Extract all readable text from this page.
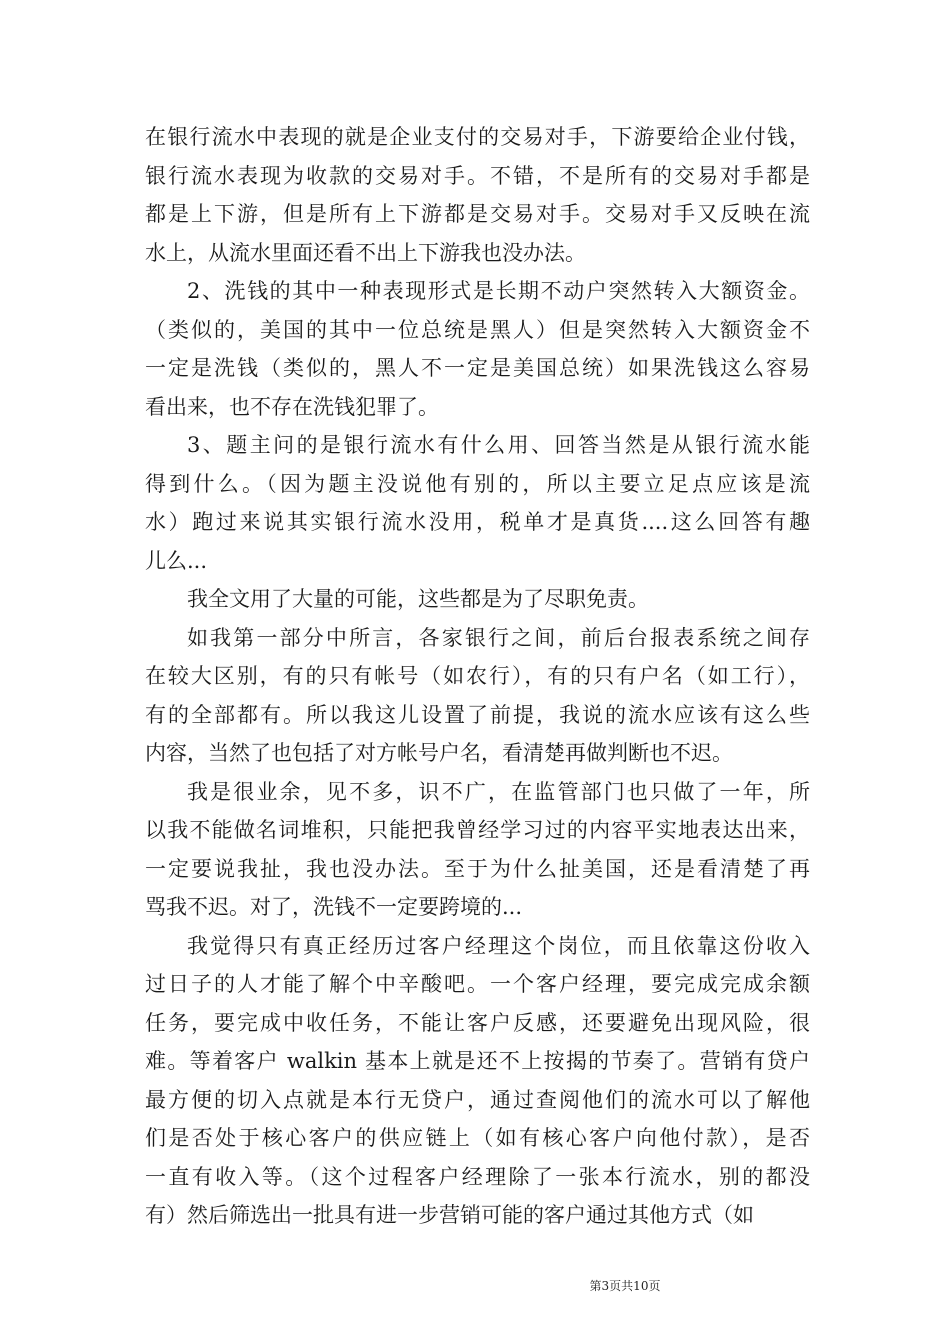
在银行流水中表现的就是企业支付的交易对手，下游要给企业付钱，
银行流水表现为收款的交易对手。不错，不是所有的交易对手都是
都是上下游，但是所有上下游都是交易对手。交易对手又反映在流
水上，从流水里面还看不出上下游我也没办法。
2、洗钱的其中一种表现形式是长期不动户突然转入大额资金。
（类似的，美国的其中一位总统是黑人）但是突然转入大额资金不
一定是洗钱（类似的，黑人不一定是美国总统）如果洗钱这么容易
看出来，也不存在洗钱犯罪了。
3、题主问的是银行流水有什么用、回答当然是从银行流水能
得到什么。（因为题主没说他有别的，所以主要立足点应该是流
水）跑过来说其实银行流水没用，税单才是真货....这么回答有趣
儿么...
我全文用了大量的可能，这些都是为了尽职免责。
如我第一部分中所言，各家银行之间，前后台报表系统之间存
在较大区别，有的只有帐号（如农行），有的只有户名（如工行），
有的全部都有。所以我这儿设置了前提，我说的流水应该有这么些
内容，当然了也包括了对方帐号户名，看清楚再做判断也不迟。
我是很业余，见不多，识不广，在监管部门也只做了一年，所
以我不能做名词堆积，只能把我曾经学习过的内容平实地表达出来，
一定要说我扯，我也没办法。至于为什么扯美国，还是看清楚了再
骂我不迟。对了，洗钱不一定要跨境的...
我觉得只有真正经历过客户经理这个岗位，而且依靠这份收入
过日子的人才能了解个中辛酸吧。一个客户经理，要完成完成余额
任务，要完成中收任务，不能让客户反感，还要避免出现风险，很
难。等着客户 walkin 基本上就是还不上按揭的节奏了。营销有贷户
最方便的切入点就是本行无贷户，通过查阅他们的流水可以了解他
们是否处于核心客户的供应链上（如有核心客户向他付款），是否
一直有收入等。（这个过程客户经理除了一张本行流水，别的都没
有）然后筛选出一批具有进一步营销可能的客户通过其他方式（如
第3页共10页
